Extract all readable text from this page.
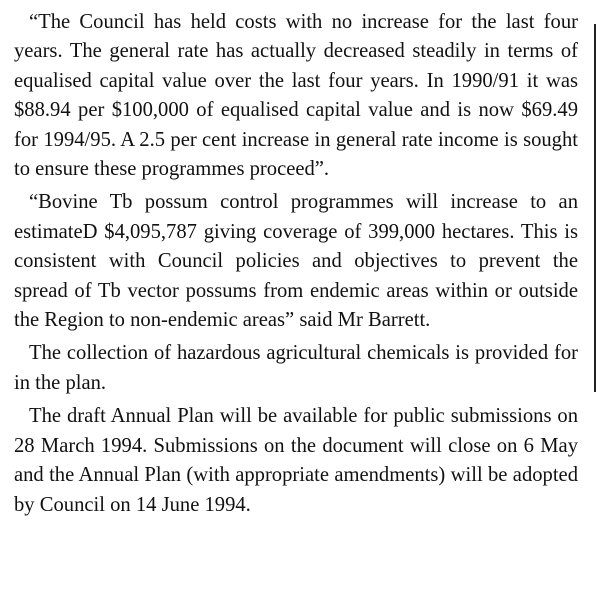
“The Council has held costs with no increase for the last four years. The general rate has actually decreased steadily in terms of equalised capital value over the last four years. In 1990/91 it was $88.94 per $100,000 of equalised capital value and is now $69.49 for 1994/95. A 2.5 per cent increase in general rate income is sought to ensure these programmes proceed”.

“Bovine Tb possum control programmes will increase to an estimateD $4,095,787 giving coverage of 399,000 hectares. This is consistent with Council policies and objectives to prevent the spread of Tb vector possums from endemic areas within or outside the Region to non-endemic areas” said Mr Barrett.

The collection of hazardous agricultural chemicals is provided for in the plan.

The draft Annual Plan will be available for public submissions on 28 March 1994. Submissions on the document will close on 6 May and the Annual Plan (with appropriate amendments) will be adopted by Council on 14 June 1994.
